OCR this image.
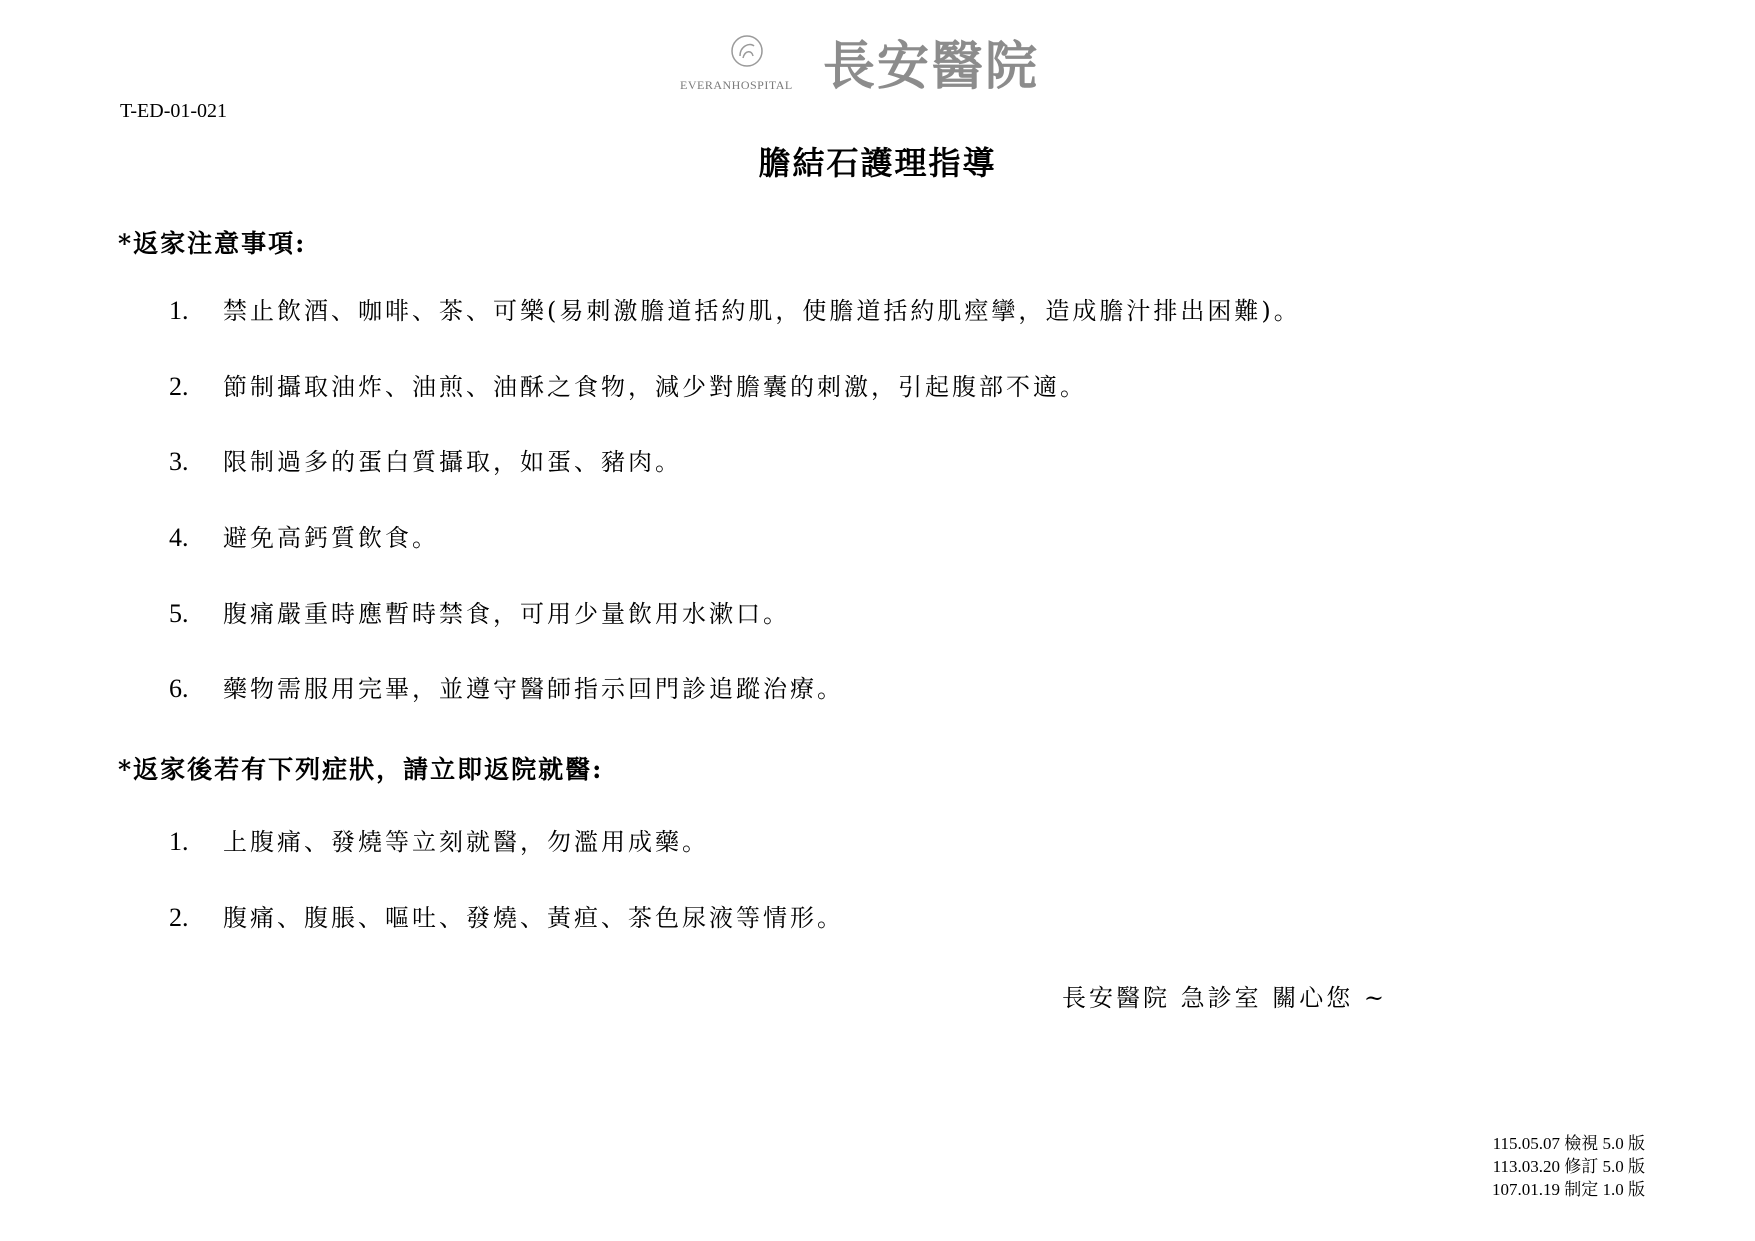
EVERANHOSPITAL 長安醫院
T-ED-01-021
膽結石護理指導
*返家注意事項:
1. 禁止飲酒、咖啡、茶、可樂(易刺激膽道括約肌，使膽道括約肌痙攣，造成膽汁排出困難)。
2. 節制攝取油炸、油煎、油酥之食物，減少對膽囊的刺激，引起腹部不適。
3. 限制過多的蛋白質攝取，如蛋、豬肉。
4. 避免高鈣質飲食。
5. 腹痛嚴重時應暫時禁食，可用少量飲用水漱口。
6. 藥物需服用完畢，並遵守醫師指示回門診追蹤治療。
*返家後若有下列症狀，請立即返院就醫:
1. 上腹痛、發燒等立刻就醫，勿濫用成藥。
2. 腹痛、腹脹、嘔吐、發燒、黃疸、茶色尿液等情形。
長安醫院 急診室 關心您 ~
115.05.07 檢視 5.0 版
113.03.20 修訂 5.0 版
107.01.19 制定 1.0 版
